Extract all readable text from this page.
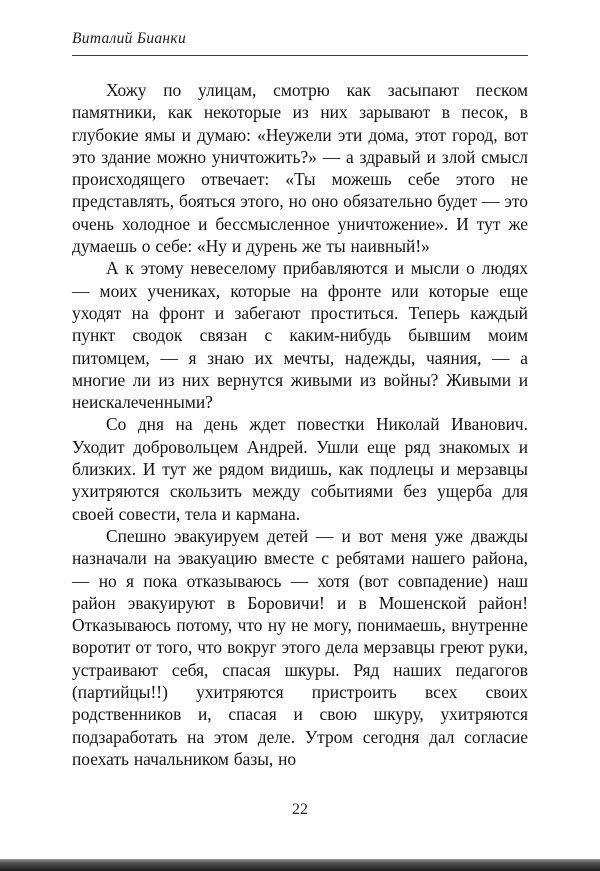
Виталий Бианки

Хожу по улицам, смотрю как засыпают песком памятники, как некоторые из них зарывают в песок, в глубокие ямы и думаю: «Неужели эти дома, этот город, вот это здание можно уничтожить?» — а здравый и злой смысл происходящего отвечает: «Ты можешь себе этого не представлять, бояться этого, но оно обязательно будет — это очень холодное и бессмысленное уничтожение». И тут же думаешь о себе: «Ну и дурень же ты наивный!»

А к этому невеселому прибавляются и мысли о людях — моих учениках, которые на фронте или которые еще уходят на фронт и забегают проститься. Теперь каждый пункт сводок связан с каким-нибудь бывшим моим питомцем, — я знаю их мечты, надежды, чаяния, — а многие ли из них вернутся живыми из войны? Живыми и неискалеченными?

Со дня на день ждет повестки Николай Иванович. Уходит добровольцем Андрей. Ушли еще ряд знакомых и близких. И тут же рядом видишь, как подлецы и мерзавцы ухитряются скользить между событиями без ущерба для своей совести, тела и кармана.

Спешно эвакуируем детей — и вот меня уже дважды назначали на эвакуацию вместе с ребятами нашего района, — но я пока отказываюсь — хотя (вот совпадение) наш район эвакуируют в Боровичи! и в Мошенской район! Отказываюсь потому, что ну не могу, понимаешь, внутренне воротит от того, что вокруг этого дела мерзавцы греют руки, устраивают себя, спасая шкуры. Ряд наших педагогов (партийцы!!) ухитряются пристроить всех своих родственников и, спасая и свою шкуру, ухитряются подзаработать на этом деле. Утром сегодня дал согласие поехать начальником базы, но

22
